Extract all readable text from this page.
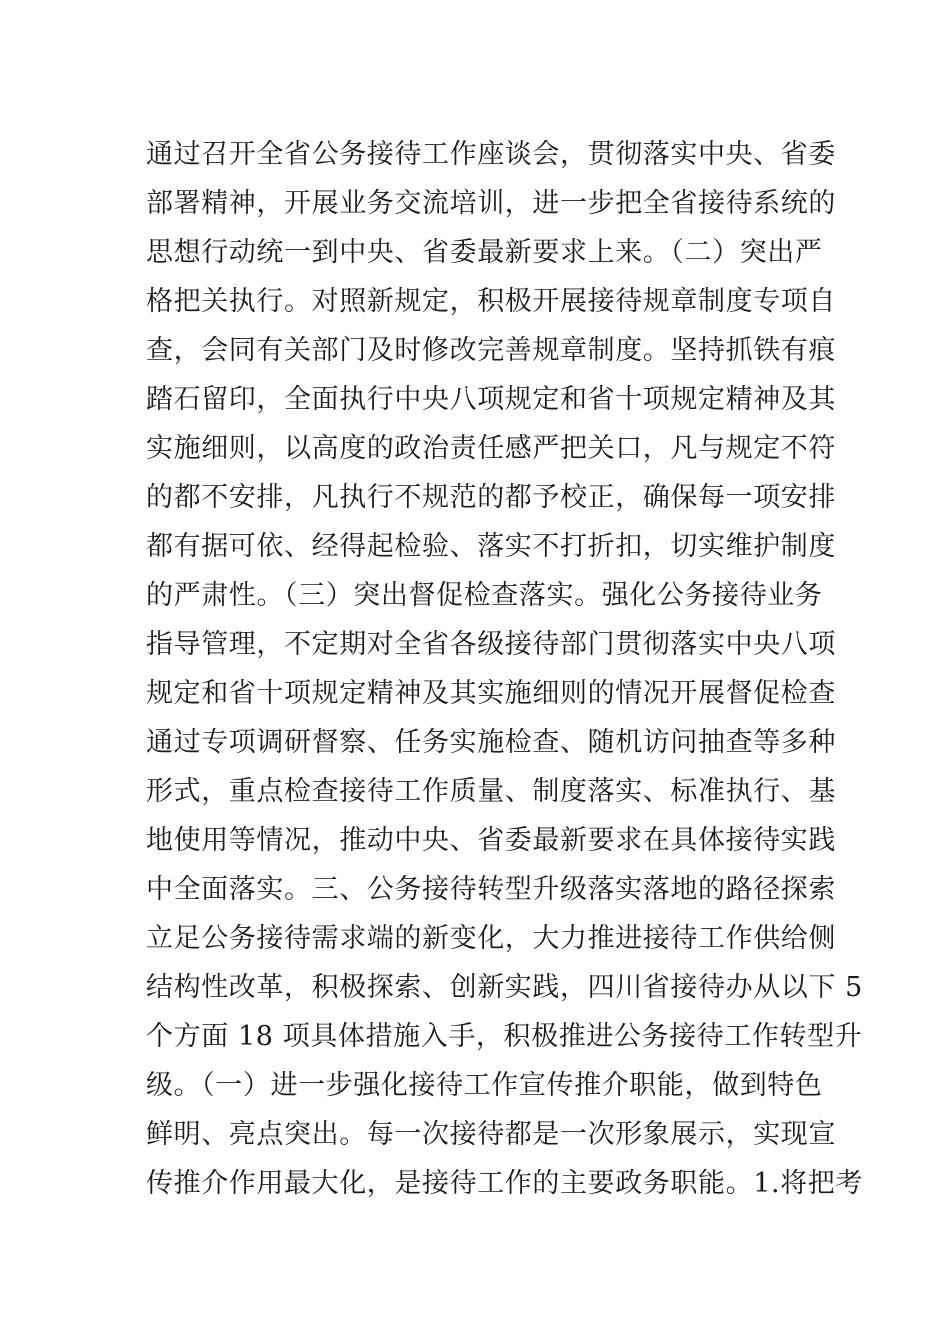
通过召开全省公务接待工作座谈会，贯彻落实中央、省委
部署精神，开展业务交流培训，进一步把全省接待系统的
思想行动统一到中央、省委最新要求上来。（二）突出严
格把关执行。对照新规定，积极开展接待规章制度专项自
查，会同有关部门及时修改完善规章制度。坚持抓铁有痕
踏石留印，全面执行中央八项规定和省十项规定精神及其
实施细则，以高度的政治责任感严把关口，凡与规定不符
的都不安排，凡执行不规范的都予校正，确保每一项安排
都有据可依、经得起检验、落实不打折扣，切实维护制度
的严肃性。（三）突出督促检查落实。强化公务接待业务
指导管理，不定期对全省各级接待部门贯彻落实中央八项
规定和省十项规定精神及其实施细则的情况开展督促检查
通过专项调研督察、任务实施检查、随机访问抽查等多种
形式，重点检查接待工作质量、制度落实、标准执行、基
地使用等情况，推动中央、省委最新要求在具体接待实践
中全面落实。三、公务接待转型升级落实落地的路径探索
立足公务接待需求端的新变化，大力推进接待工作供给侧
结构性改革，积极探索、创新实践，四川省接待办从以下 5
个方面 18 项具体措施入手，积极推进公务接待工作转型升
级。（一）进一步强化接待工作宣传推介职能，做到特色
鲜明、亮点突出。每一次接待都是一次形象展示，实现宣
传推介作用最大化，是接待工作的主要政务职能。1.将把考
